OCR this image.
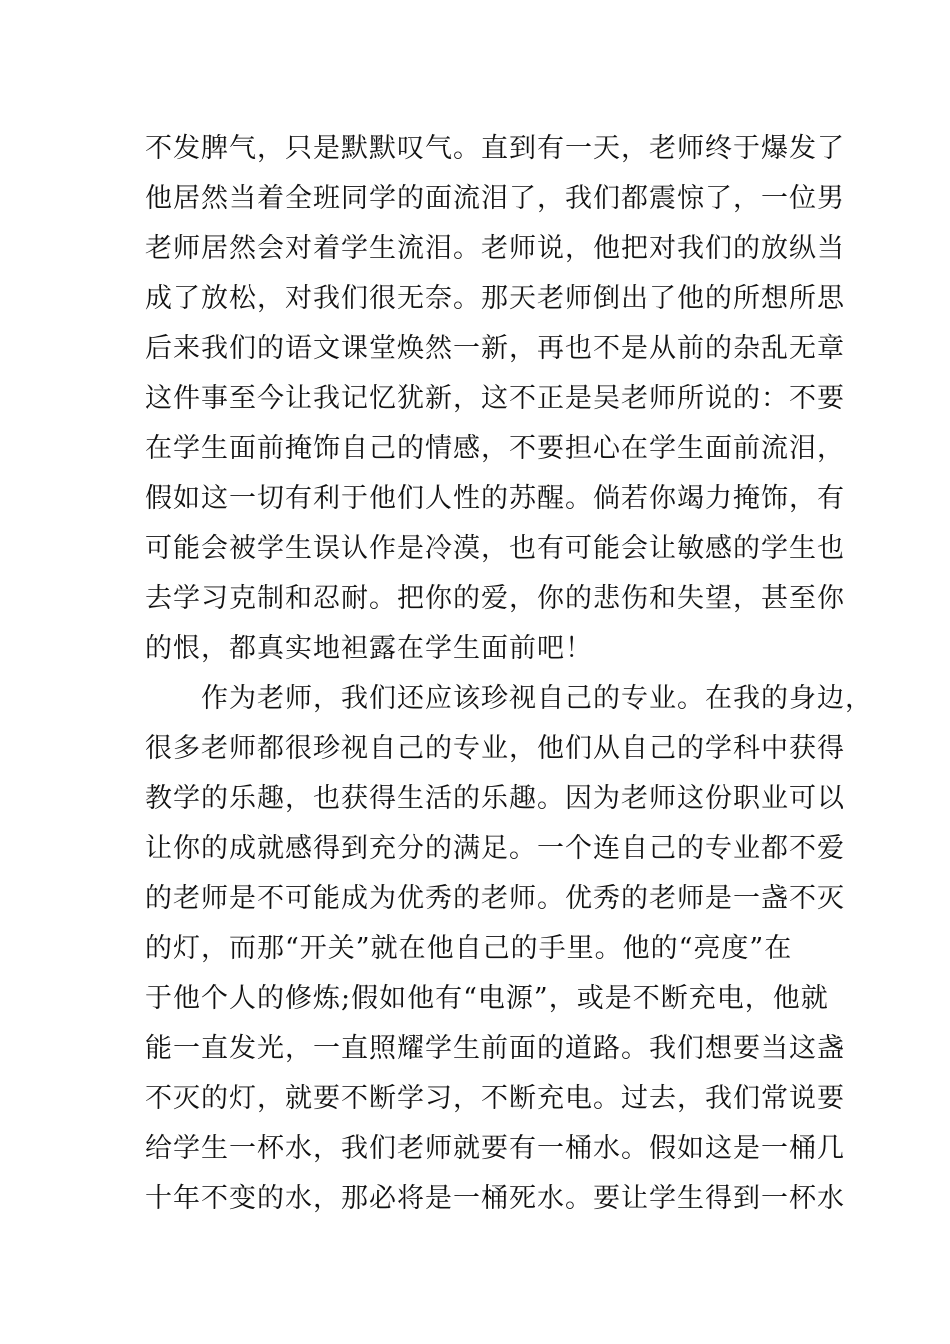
不发脾气，只是默默叹气。直到有一天，老师终于爆发了
他居然当着全班同学的面流泪了，我们都震惊了，一位男
老师居然会对着学生流泪。老师说，他把对我们的放纵当
成了放松，对我们很无奈。那天老师倒出了他的所想所思
后来我们的语文课堂焕然一新，再也不是从前的杂乱无章
这件事至今让我记忆犹新，这不正是吴老师所说的：不要
在学生面前掩饰自己的情感，不要担心在学生面前流泪，
假如这一切有利于他们人性的苏醒。倘若你竭力掩饰，有
可能会被学生误认作是冷漠，也有可能会让敏感的学生也
去学习克制和忍耐。把你的爱，你的悲伤和失望，甚至你
的恨，都真实地袒露在学生面前吧！
作为老师，我们还应该珍视自己的专业。在我的身边，
很多老师都很珍视自己的专业，他们从自己的学科中获得
教学的乐趣，也获得生活的乐趣。因为老师这份职业可以
让你的成就感得到充分的满足。一个连自己的专业都不爱
的老师是不可能成为优秀的老师。优秀的老师是一盏不灭
的灯，而那“开关”就在他自己的手里。他的“亮度”在
于他个人的修炼;假如他有“电源”，或是不断充电，他就
能一直发光，一直照耀学生前面的道路。我们想要当这盏
不灭的灯，就要不断学习，不断充电。过去，我们常说要
给学生一杯水，我们老师就要有一桶水。假如这是一桶几
十年不变的水，那必将是一桶死水。要让学生得到一杯水
